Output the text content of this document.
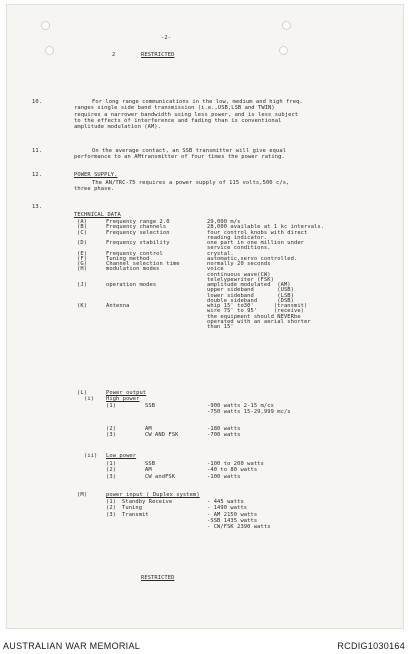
-2-
2	RESTRICTED
10.	For long range communications in the low, medium and high freq.
ranges single side band transmission (i.e.,USB,LSB and TWIN)
requires a narrower bandwidth using less power, and is less subject
to the effects of interference and fading than is conventional
amplitude modulation (AM).
11.	On the average contact, an SSB transmitter will give equal
performance to an AMtransmitter of four times the power rating.
12.	POWER SUPPLY.
The AN/TRC-75 requires a power supply of 115 volts,500 c/s,
three phase.
13.
TECHNICAL DATA
(A)	Frequency range 2.0	29,000 m/s
(B)	Frequency channels	28,000 available at 1 kc intervals.
(C)	Frequency selection	four control knobs with direct
reading indicator.
(D)	Frequency stability	one part in one million under
service conditions.
(E)	Frequency control	crystal.
(F)	Tuning method	automatic,servo controlled.
(G)	Channel selection time	normally 20 seconds
(H)	modulation modes	voice
continuous wave(CW)
telelypewriter (FSK)
(J)	operation modes	amplitude modulated  (AM)
upper sideband       (USB)
lower sideband       (LSB)
double sideband      (DSB)
(K)	Antenna	whip 15' to30'      (transmit)
wire 75' to 95'     (receive)
the equipment should NEVERbe
operated with an aerial shorter
than 15'
(L)	Power output
(i) High power
(1)	SSB	-900 watts 2-15 m/cs
-750 watts 15-29,999 mc/s
(2)	AM	-180 watts
(3)	CW AND FSK	-700 watts
(ii) Low power
(1)	SSB	-100 to 200 watts
(2)	AM	-40 to 80 watts
(3)	CW andFSK	-100 watts
(M)	power input ( Duplex system)
(1) Standby Receive	- 445 watts
(2) Tuning	- 1490 watts
(3) Transmit	- AM 2150 watts
-SSB 1435 watts
- CW/FSK 2390 watts
RESTRICTED
AUSTRALIAN WAR MEMORIAL	RCDIG1030164
